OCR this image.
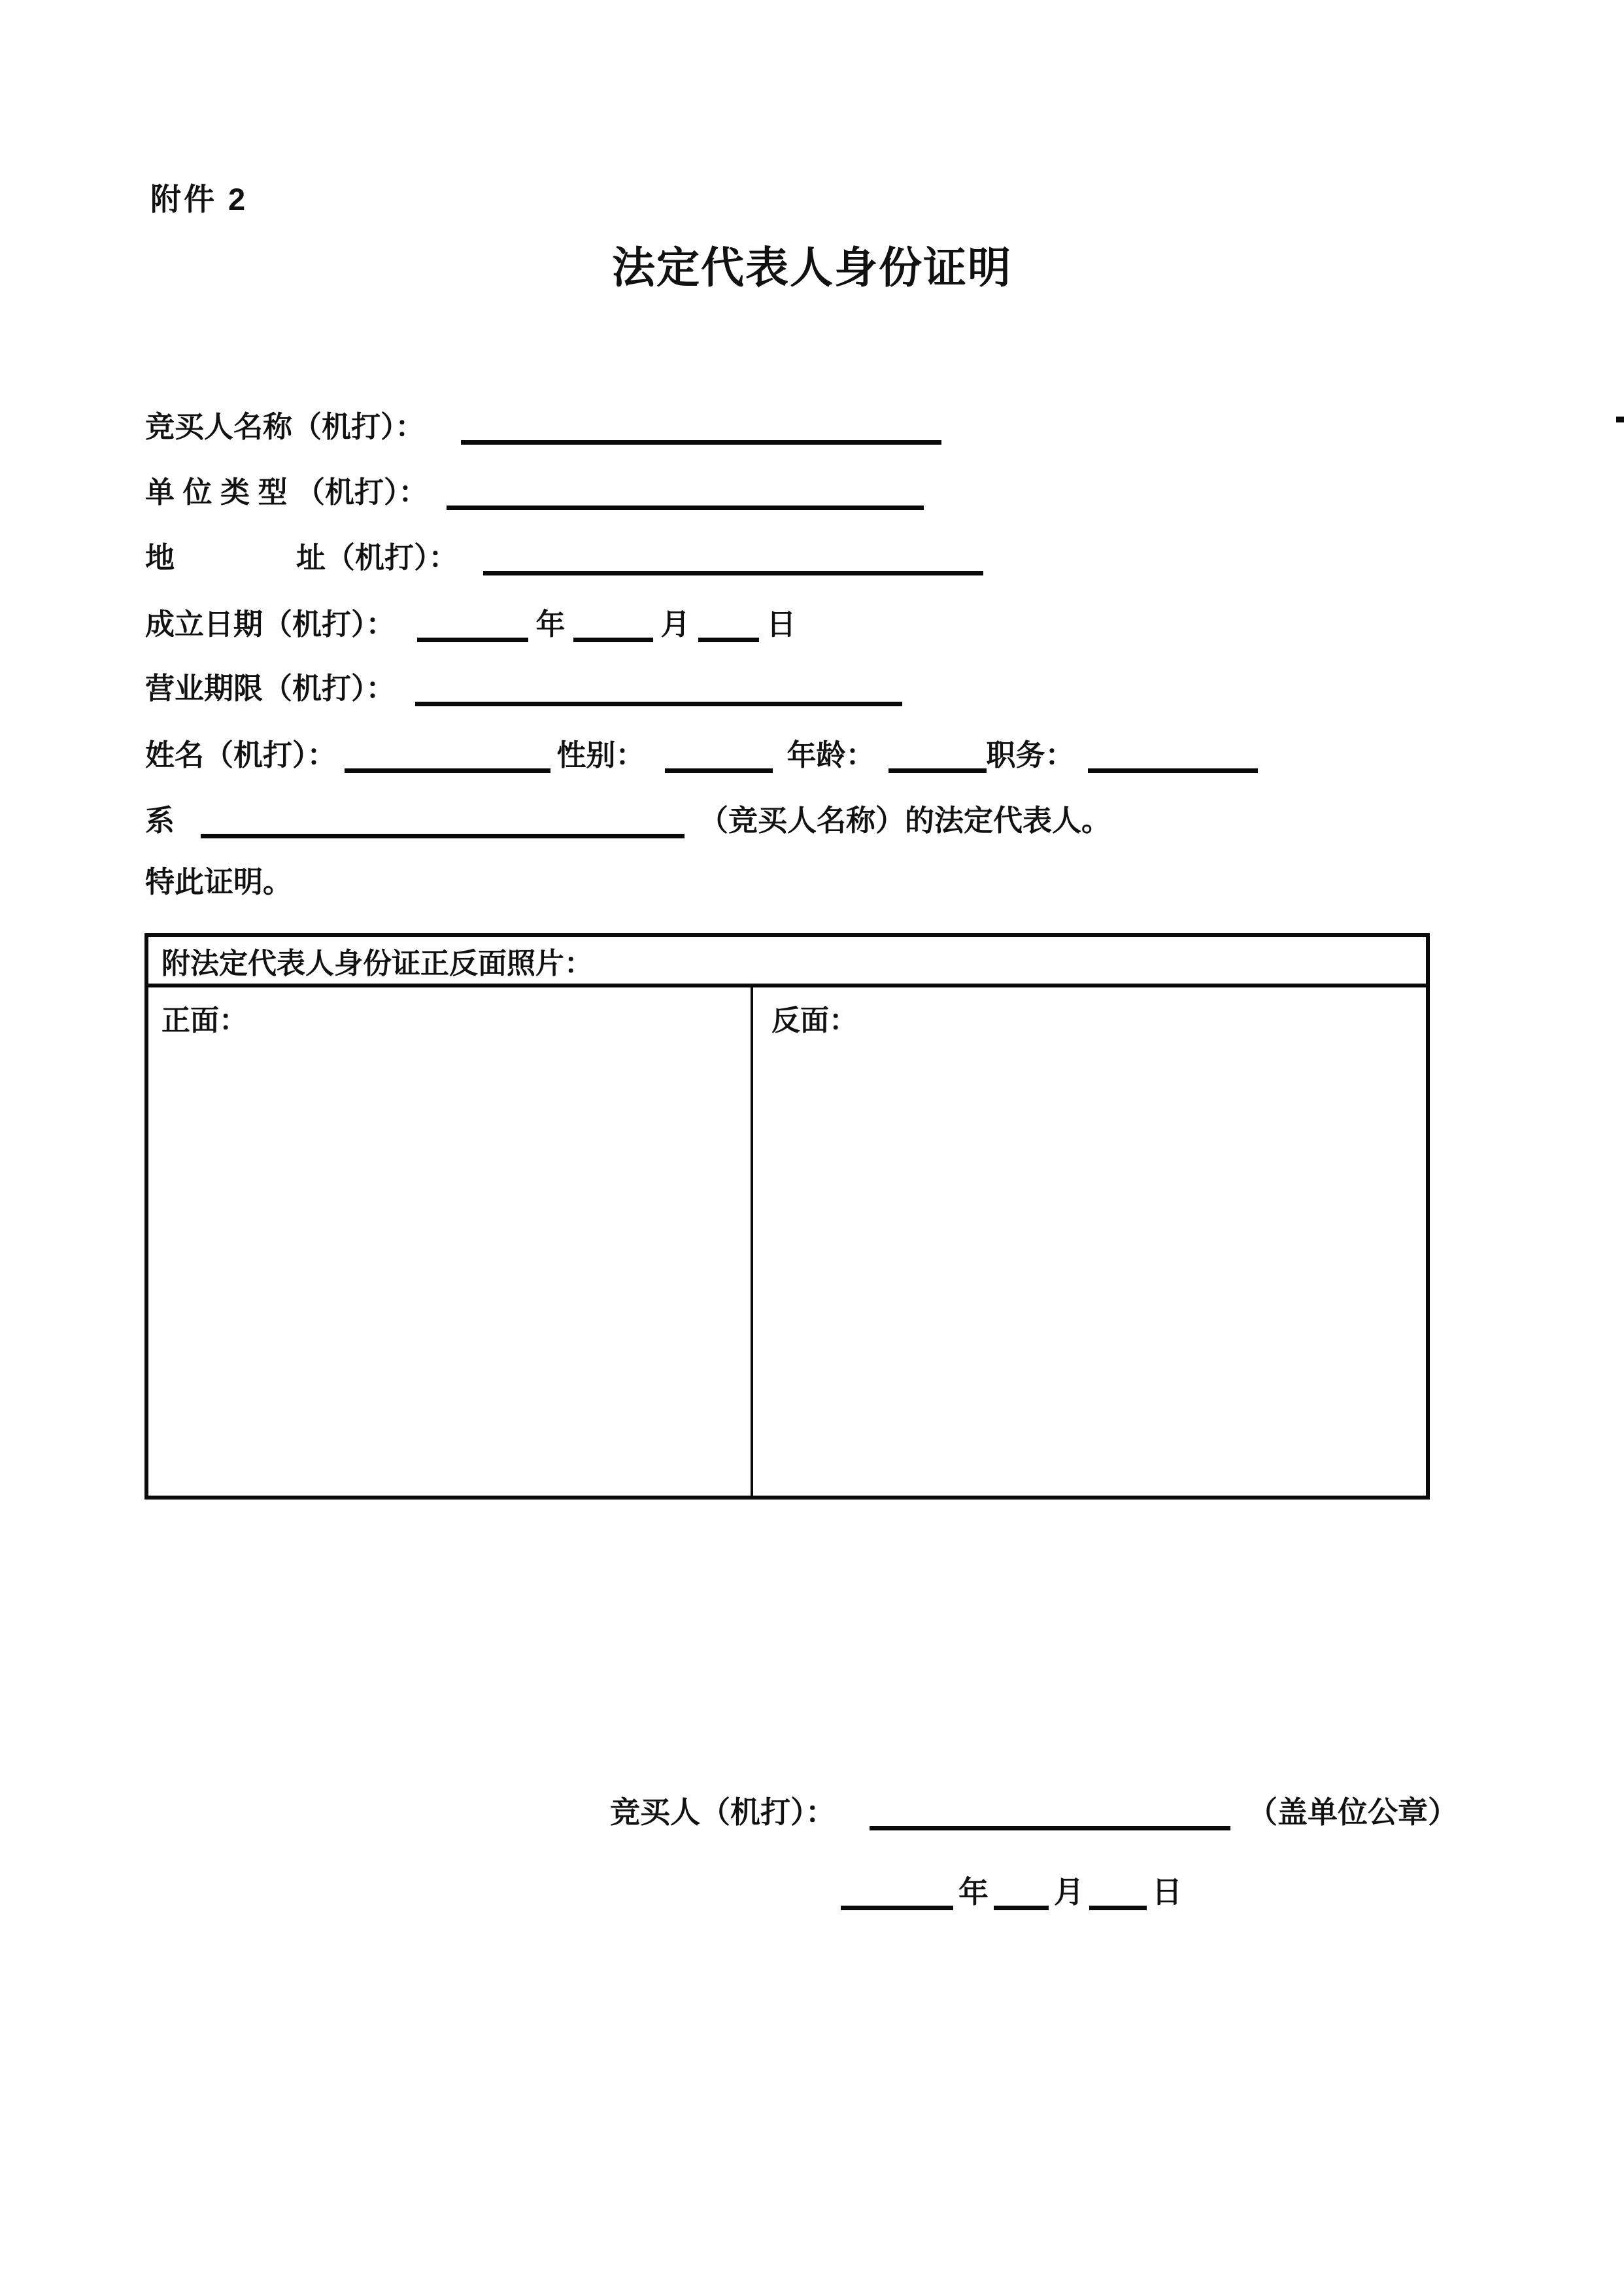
附件 2
法定代表人身份证明
竞买人名称（机打）：
单 位 类 型 （机打）：
地	址（机打）：
成立日期（机打）：	年	月	日
营业期限（机打）：
姓名（机打）：	性别：	年龄：	职务：
系	（竞买人名称）的法定代表人。
特此证明。
附法定代表人身份证正反面照片：
正面：	反面：
竞买人（机打）：	（盖单位公章）
年 月 日
